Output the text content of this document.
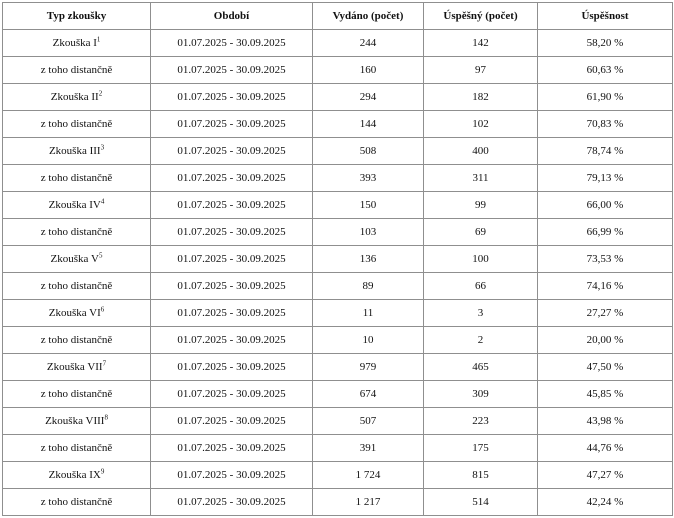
Typ zkoušky	Období	Vydáno (počet)	Úspěšný (počet)	Úspěšnost
Zkouška $I^1$	01.07.2025 - 30.09.2025	244	142	58,20 %
z toho distančně	01.07.2025 - 30.09.2025	160	97	60,63 %
Zkouška $II^2$	01.07.2025 - 30.09.2025	294	182	61,90 %
z toho distančně	01.07.2025 - 30.09.2025	144	102	70,83 %
Zkouška III$^3$	01.07.2025 - 30.09.2025	508	400	78,74 %
z toho distančně	01.07.2025 - 30.09.2025	393	311	79,13 %
Zkouška $IV^4$	01.07.2025 - 30.09.2025	150	99	66,00 %
z toho distančně	01.07.2025 - 30.09.2025	103	69	66,99 %
Zkouška $V^5$	01.07.2025 - 30.09.2025	136	100	73,53 %
z toho distančně	01.07.2025 - 30.09.2025	89	66	74,16 %
Zkouška $VI^6$	01.07.2025 - 30.09.2025	11	3	27,27 %
z toho distančně	01.07.2025 - 30.09.2025	10	2	20,00 %
Zkouška VII$^7$	01.07.2025 - 30.09.2025	979	465	47,50 %
z toho distančně	01.07.2025 - 30.09.2025	674	309	45,85 %
Zkouška VIII$^8$	01.07.2025 - 30.09.2025	507	223	43,98 %
z toho distančně	01.07.2025 - 30.09.2025	391	175	44,76 %
Zkouška $IX^9$	01.07.2025 - 30.09.2025	1 724	815	47,27 %
z toho distančně	01.07.2025 - 30.09.2025	1 217	514	42,24 %
